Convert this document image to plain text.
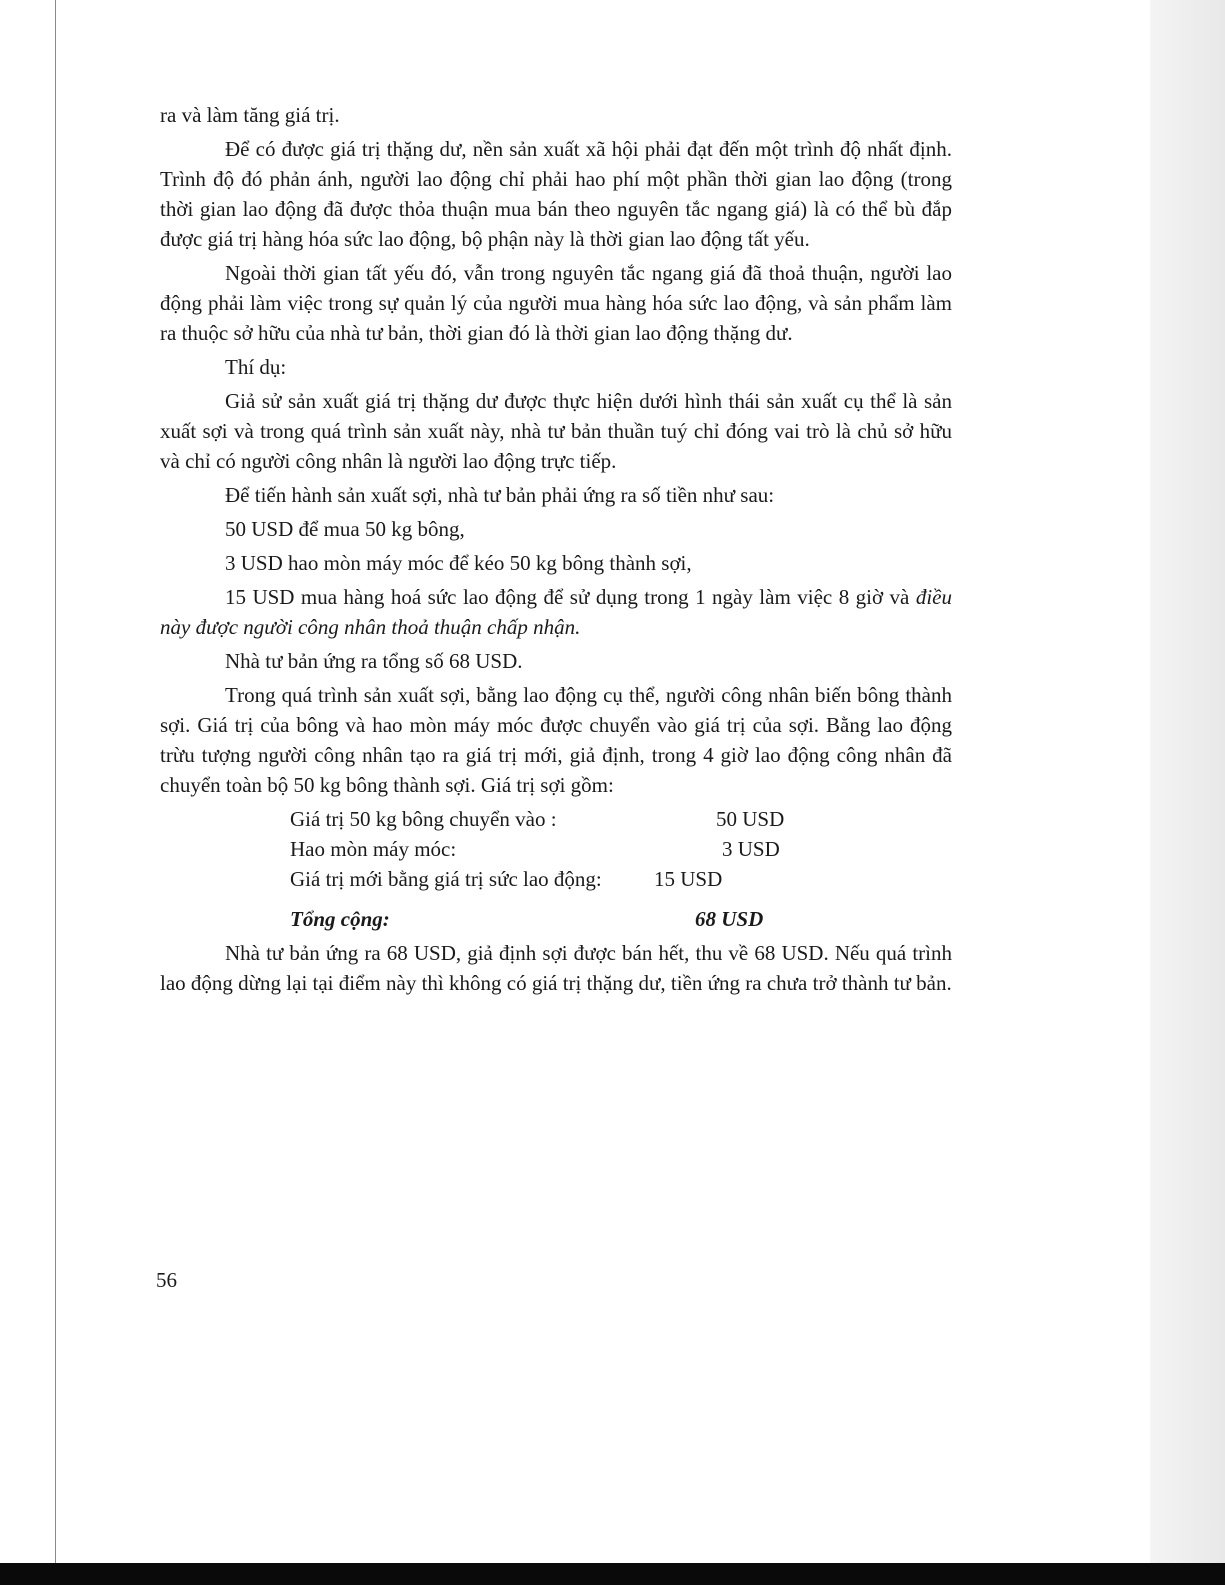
ra và làm tăng giá trị.

Để có được giá trị thặng dư, nền sản xuất xã hội phải đạt đến một trình độ nhất định. Trình độ đó phản ánh, người lao động chỉ phải hao phí một phần thời gian lao động (trong thời gian lao động đã được thỏa thuận mua bán theo nguyên tắc ngang giá) là có thể bù đắp được giá trị hàng hóa sức lao động, bộ phận này là thời gian lao động tất yếu.

Ngoài thời gian tất yếu đó, vẫn trong nguyên tắc ngang giá đã thoả thuận, người lao động phải làm việc trong sự quản lý của người mua hàng hóa sức lao động, và sản phẩm làm ra thuộc sở hữu của nhà tư bản, thời gian đó là thời gian lao động thặng dư.

Thí dụ:

Giả sử sản xuất giá trị thặng dư được thực hiện dưới hình thái sản xuất cụ thể là sản xuất sợi và trong quá trình sản xuất này, nhà tư bản thuần tuý chỉ đóng vai trò là chủ sở hữu và chỉ có người công nhân là người lao động trực tiếp.

Để tiến hành sản xuất sợi, nhà tư bản phải ứng ra số tiền như sau:

50 USD để mua 50 kg bông,

3 USD hao mòn máy móc để kéo 50 kg bông thành sợi,

15 USD mua hàng hoá sức lao động để sử dụng trong 1 ngày làm việc 8 giờ và điều này được người công nhân thoả thuận chấp nhận.

Nhà tư bản ứng ra tổng số 68 USD.

Trong quá trình sản xuất sợi, bằng lao động cụ thể, người công nhân biến bông thành sợi. Giá trị của bông và hao mòn máy móc được chuyển vào giá trị của sợi. Bằng lao động trừu tượng người công nhân tạo ra giá trị mới, giả định, trong 4 giờ lao động công nhân đã chuyển toàn bộ 50 kg bông thành sợi. Giá trị sợi gồm:

Giá trị 50 kg bông chuyển vào :	50 USD
Hao mòn máy móc:	3 USD
Giá trị mới bằng giá trị sức lao động: 15 USD
Tổng cộng:	68 USD

Nhà tư bản ứng ra 68 USD, giả định sợi được bán hết, thu về 68 USD. Nếu quá trình lao động dừng lại tại điểm này thì không có giá trị thặng dư, tiền ứng ra chưa trở thành tư bản.

56
